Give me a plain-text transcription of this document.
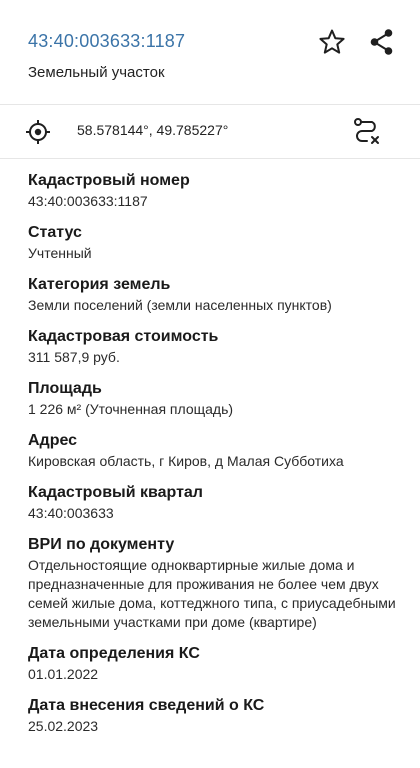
43:40:003633:1187
Земельный участок
58.578144°, 49.785227°
Кадастровый номер
43:40:003633:1187
Статус
Учтенный
Категория земель
Земли поселений (земли населенных пунктов)
Кадастровая стоимость
311 587,9 руб.
Площадь
1 226 м² (Уточненная площадь)
Адрес
Кировская область, г Киров, д Малая Субботиха
Кадастровый квартал
43:40:003633
ВРИ по документу
Отдельностоящие одноквартирные жилые дома и предназначенные для проживания не более чем двух семей жилые дома, коттеджного типа, с приусадебными земельными участками при доме (квартире)
Дата определения КС
01.01.2022
Дата внесения сведений о КС
25.02.2023
